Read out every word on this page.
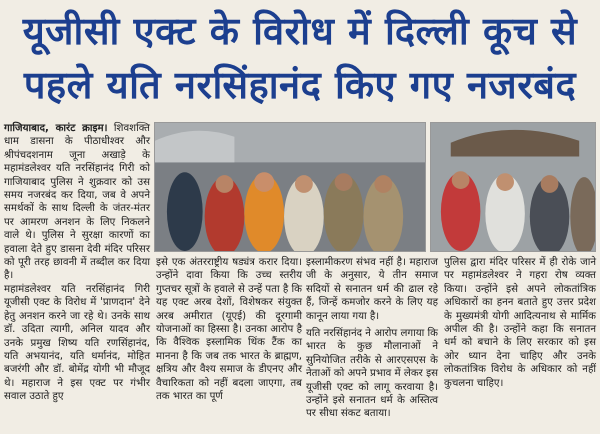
यूजीसी एक्ट के विरोध में दिल्ली कूच से
पहले यति नरसिंहानंद किए गए नजरबंद

गाजियाबाद, कारंट क्राइम। शिवशक्ति धाम डासना के पीठाधीश्वर और श्रीपंचदशनाम जूना अखाड़े के महामंडलेश्वर यति नरसिंहानंद गिरी को गाजियाबाद पुलिस ने शुक्रवार को उस समय नजरबंद कर दिया, जब वे अपने समर्थकों के साथ दिल्ली के जंतर-मंतर पर आमरण अनशन के लिए निकलने वाले थे। पुलिस ने सुरक्षा कारणों का हवाला देते हुए डासना देवी मंदिर परिसर को पूरी तरह छावनी में तब्दील कर दिया है।

महामंडलेश्वर यति नरसिंहानंद गिरी यूजीसी एक्ट के विरोध में 'प्राणदान' देने हेतु अनशन करने जा रहे थे। उनके साथ डॉ. उदिता त्यागी, अनिल यादव और उनके प्रमुख शिष्य यति रणसिंहानंद, यति अभयानंद, यति धर्मानंद, मोहित बजरंगी और डॉ. बोमेंद्र योगी भी मौजूद थे। महाराज ने इस एक्ट पर गंभीर सवाल उठाते हुए

इसे एक अंतरराष्ट्रीय षड्यंत्र करार दिया। उन्होंने दावा किया कि उच्च स्तरीय गुप्तचर सूत्रों के हवाले से उन्हें पता है कि यह एक्ट अरब देशों, विशेषकर संयुक्त अरब अमीरात (यूएई) की दूरगामी योजनाओं का हिस्सा है। उनका आरोप है कि वैश्विक इस्लामिक थिंक टैंक का मानना है कि जब तक भारत के ब्राह्मण, क्षत्रिय और वैश्य समाज के डीएनए और वैचारिकता को नहीं बदला जाएगा, तब तक भारत का पूर्ण

इस्लामीकरण संभव नहीं है। महाराज जी के अनुसार, ये तीन समाज सदियों से सनातन धर्म की ढाल रहे हैं, जिन्हें कमजोर करने के लिए यह कानून लाया गया है।

यति नरसिंहानंद ने आरोप लगाया कि भारत के कुछ मौलानाओं ने सुनियोजित तरीके से आरएसएस के नेताओं को अपने प्रभाव में लेकर इस यूजीसी एक्ट को लागू करवाया है। उन्होंने इसे सनातन धर्म के अस्तित्व पर सीधा संकट बताया।

पुलिस द्वारा मंदिर परिसर में ही रोके जाने पर महामंडलेश्वर ने गहरा रोष व्यक्त किया। उन्होंने इसे अपने लोकतांत्रिक अधिकारों का हनन बताते हुए उत्तर प्रदेश के मुख्यमंत्री योगी आदित्यनाथ से मार्मिक अपील की है। उन्होंने कहा कि सनातन धर्म को बचाने के लिए सरकार को इस ओर ध्यान देना चाहिए और उनके लोकतांत्रिक विरोध के अधिकार को नहीं कुचलना चाहिए।
